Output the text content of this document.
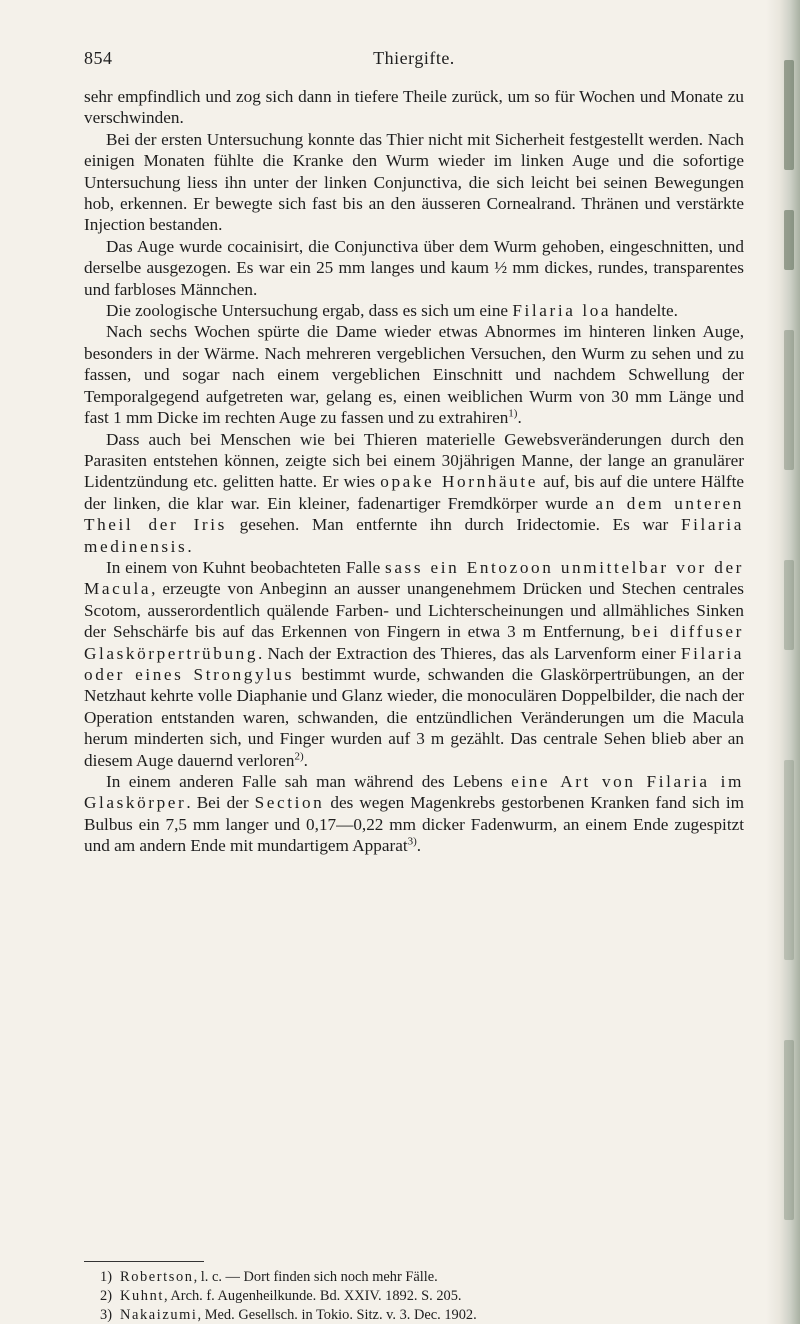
854	Thiergifte.

sehr empfindlich und zog sich dann in tiefere Theile zurück, um so für Wochen und Monate zu verschwinden.

Bei der ersten Untersuchung konnte das Thier nicht mit Sicherheit festgestellt werden. Nach einigen Monaten fühlte die Kranke den Wurm wieder im linken Auge und die sofortige Untersuchung liess ihn unter der linken Conjunctiva, die sich leicht bei seinen Bewegungen hob, erkennen. Er bewegte sich fast bis an den äusseren Cornealrand. Thränen und verstärkte Injection bestanden.

Das Auge wurde cocainisirt, die Conjunctiva über dem Wurm gehoben, eingeschnitten, und derselbe ausgezogen. Es war ein 25 mm langes und kaum ½ mm dickes, rundes, transparentes und farbloses Männchen.

Die zoologische Untersuchung ergab, dass es sich um eine Filaria loa handelte.

Nach sechs Wochen spürte die Dame wieder etwas Abnormes im hinteren linken Auge, besonders in der Wärme. Nach mehreren vergeblichen Versuchen, den Wurm zu sehen und zu fassen, und sogar nach einem vergeblichen Einschnitt und nachdem Schwellung der Temporalgegend aufgetreten war, gelang es, einen weiblichen Wurm von 30 mm Länge und fast 1 mm Dicke im rechten Auge zu fassen und zu extrahiren$^{1)}$.

Dass auch bei Menschen wie bei Thieren materielle Gewebsveränderungen durch den Parasiten entstehen können, zeigte sich bei einem 30jährigen Manne, der lange an granulärer Lidentzündung etc. gelitten hatte. Er wies opake Hornhäute auf, bis auf die untere Hälfte der linken, die klar war. Ein kleiner, fadenartiger Fremdkörper wurde an dem unteren Theil der Iris gesehen. Man entfernte ihn durch Iridectomie. Es war Filaria medinensis.

In einem von Kuhnt beobachteten Falle sass ein Entozoon unmittelbar vor der Macula, erzeugte von Anbeginn an ausser unangenehmem Drücken und Stechen centrales Scotom, ausserordentlich quälende Farben- und Lichterscheinungen und allmähliches Sinken der Sehschärfe bis auf das Erkennen von Fingern in etwa 3 m Entfernung, bei diffuser Glaskörpertrübung. Nach der Extraction des Thieres, das als Larvenform einer Filaria oder eines Strongylus bestimmt wurde, schwanden die Glaskörpertrübungen, an der Netzhaut kehrte volle Diaphanie und Glanz wieder, die monoculären Doppelbilder, die nach der Operation entstanden waren, schwanden, die entzündlichen Veränderungen um die Macula herum minderten sich, und Finger wurden auf 3 m gezählt. Das centrale Sehen blieb aber an diesem Auge dauernd verloren$^{2)}$.

In einem anderen Falle sah man während des Lebens eine Art von Filaria im Glaskörper. Bei der Section des wegen Magenkrebs gestorbenen Kranken fand sich im Bulbus ein 7,5 mm langer und 0,17—0,22 mm dicker Fadenwurm, an einem Ende zugespitzt und am andern Ende mit mundartigem Apparat$^{3)}$.

1) Robertson, l. c. — Dort finden sich noch mehr Fälle.
2) Kuhnt, Arch. f. Augenheilkunde. Bd. XXIV. 1892. S. 205.
3) Nakaizumi, Med. Gesellsch. in Tokio. Sitz. v. 3. Dec. 1902.
